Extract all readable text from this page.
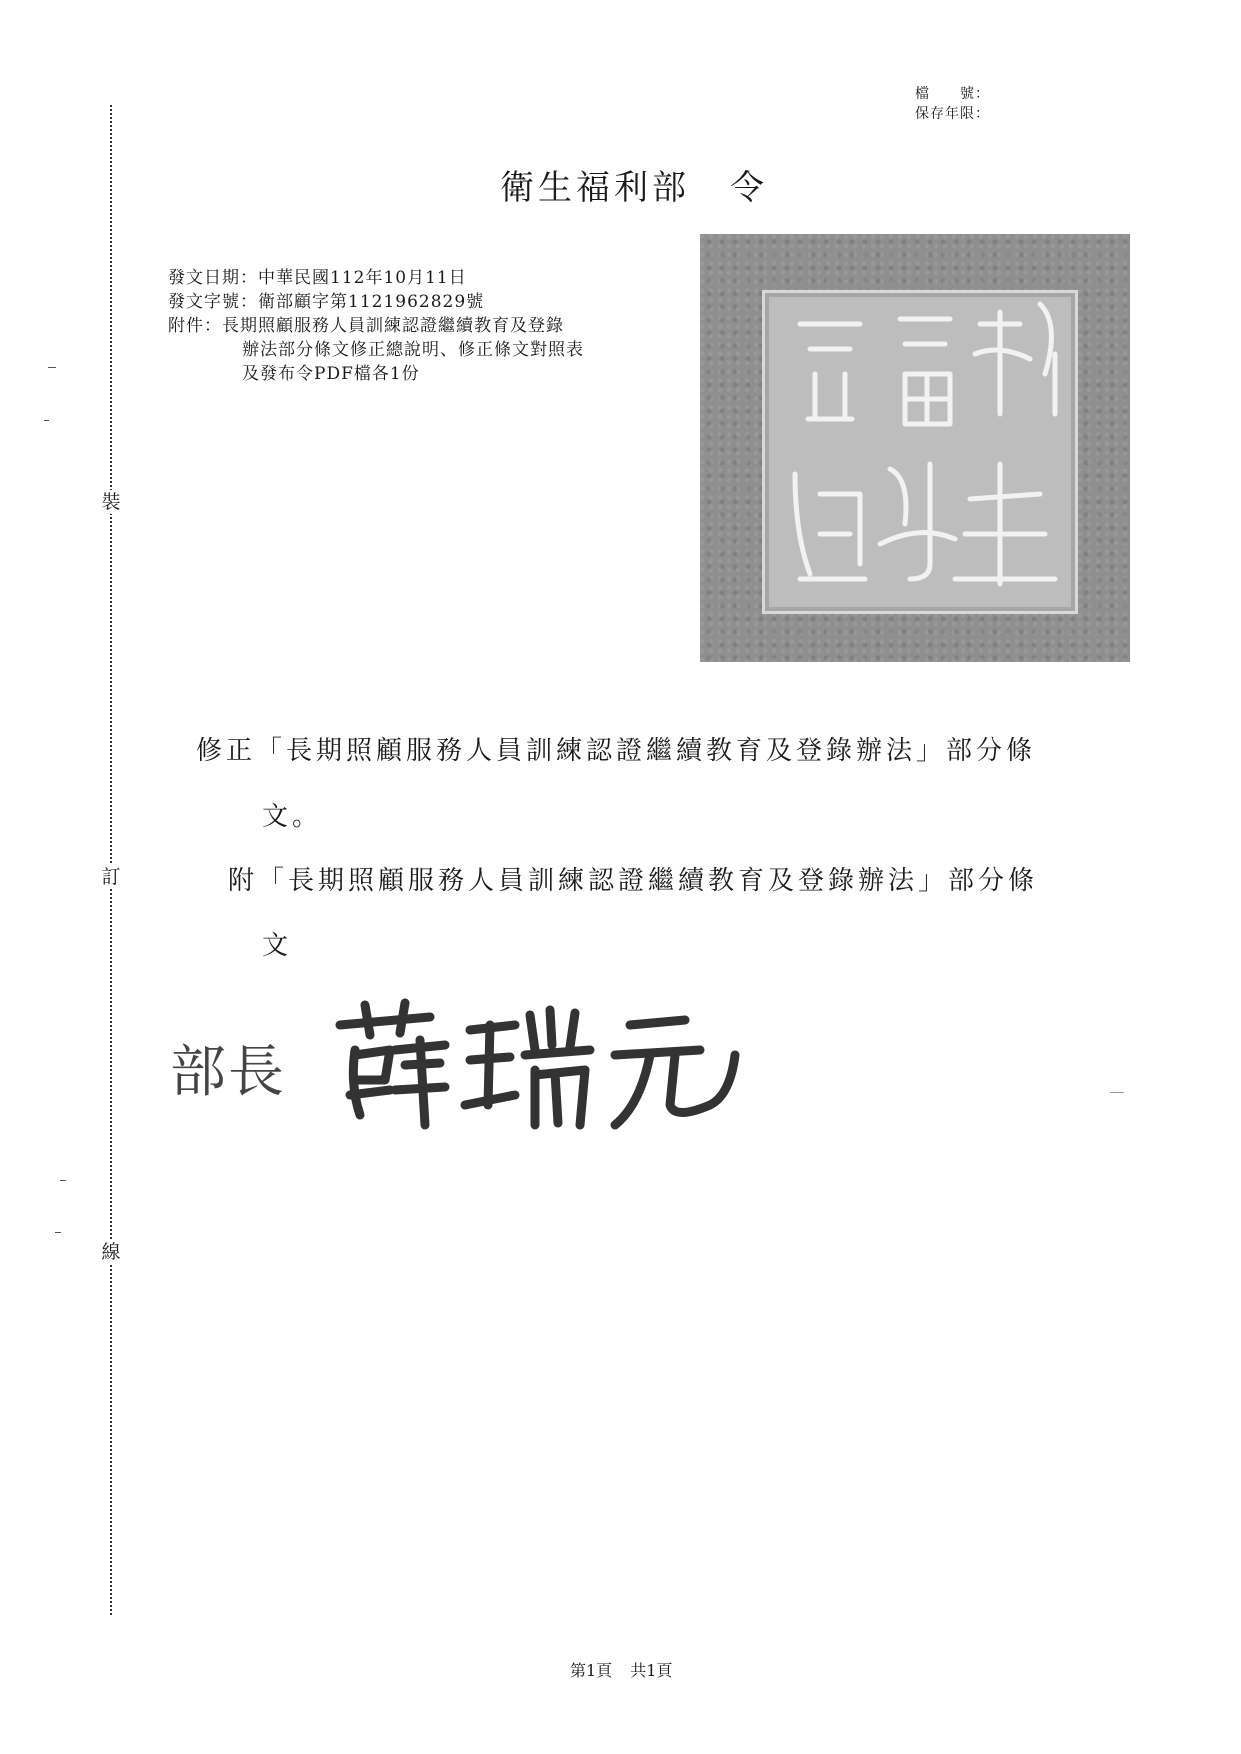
裝
訂
線
檔　　號：
保存年限：
衛生福利部 令
發文日期：中華民國112年10月11日
發文字號：衛部顧字第1121962829號
附件：長期照顧服務人員訓練認證繼續教育及登錄
辦法部分條文修正總說明、修正條文對照表
及發布令PDF檔各1份
修正「長期照顧服務人員訓練認證繼續教育及登錄辦法」部分條
文。
附「長期照顧服務人員訓練認證繼續教育及登錄辦法」部分條
文
部長
第1頁 共1頁
